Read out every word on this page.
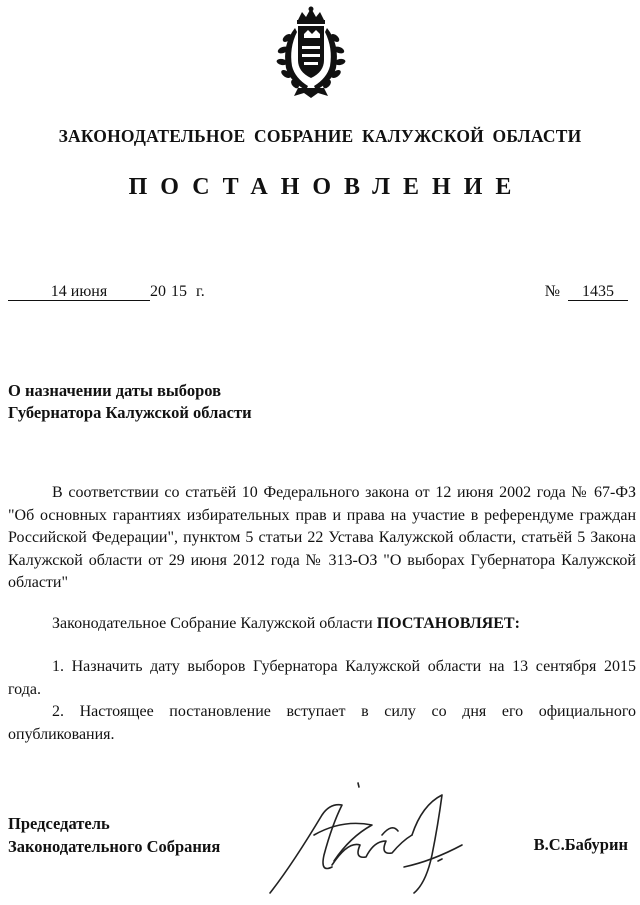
ЗАКОНОДАТЕЛЬНОЕ СОБРАНИЕ КАЛУЖСКОЙ ОБЛАСТИ
ПОСТАНОВЛЕНИЕ
14 июня	20 15 г.	№ 1435
О назначении даты выборов
Губернатора Калужской области

В соответствии со статьёй 10 Федерального закона от 12 июня 2002 года № 67-ФЗ "Об основных гарантиях избирательных прав и права на участие в референдуме граждан Российской Федерации", пунктом 5 статьи 22 Устава Калужской области, статьёй 5 Закона Калужской области от 29 июня 2012 года № 313-ОЗ "О выборах Губернатора Калужской области"

Законодательное Собрание Калужской области ПОСТАНОВЛЯЕТ:

1. Назначить дату выборов Губернатора Калужской области на 13 сентября 2015 года.

2. Настоящее постановление вступает в силу со дня его официального опубликования.

Председатель
Законодательного Собрания	В.С.Бабурин
